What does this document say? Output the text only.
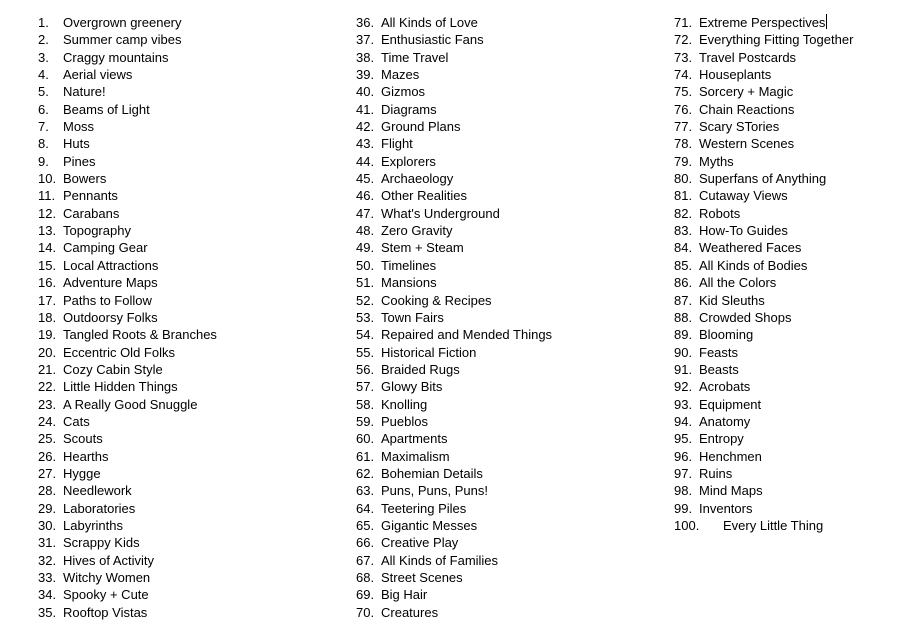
1. Overgrown greenery
2. Summer camp vibes
3. Craggy mountains
4. Aerial views
5. Nature!
6. Beams of Light
7. Moss
8. Huts
9. Pines
10. Bowers
11. Pennants
12. Carabans
13. Topography
14. Camping Gear
15. Local Attractions
16. Adventure Maps
17. Paths to Follow
18. Outdoorsy Folks
19. Tangled Roots & Branches
20. Eccentric Old Folks
21. Cozy Cabin Style
22. Little Hidden Things
23. A Really Good Snuggle
24. Cats
25. Scouts
26. Hearths
27. Hygge
28. Needlework
29. Laboratories
30. Labyrinths
31. Scrappy Kids
32. Hives of Activity
33. Witchy Women
34. Spooky + Cute
35. Rooftop Vistas
36. All Kinds of Love
37. Enthusiastic Fans
38. Time Travel
39. Mazes
40. Gizmos
41. Diagrams
42. Ground Plans
43. Flight
44. Explorers
45. Archaeology
46. Other Realities
47. What's Underground
48. Zero Gravity
49. Stem + Steam
50. Timelines
51. Mansions
52. Cooking & Recipes
53. Town Fairs
54. Repaired and Mended Things
55. Historical Fiction
56. Braided Rugs
57. Glowy Bits
58. Knolling
59. Pueblos
60. Apartments
61. Maximalism
62. Bohemian Details
63. Puns, Puns, Puns!
64. Teetering Piles
65. Gigantic Messes
66. Creative Play
67. All Kinds of Families
68. Street Scenes
69. Big Hair
70. Creatures
71. Extreme Perspectives
72. Everything Fitting Together
73. Travel Postcards
74. Houseplants
75. Sorcery + Magic
76. Chain Reactions
77. Scary STories
78. Western Scenes
79. Myths
80. Superfans of Anything
81. Cutaway Views
82. Robots
83. How-To Guides
84. Weathered Faces
85. All Kinds of Bodies
86. All the Colors
87. Kid Sleuths
88. Crowded Shops
89. Blooming
90. Feasts
91. Beasts
92. Acrobats
93. Equipment
94. Anatomy
95. Entropy
96. Henchmen
97. Ruins
98. Mind Maps
99. Inventors
100. Every Little Thing
